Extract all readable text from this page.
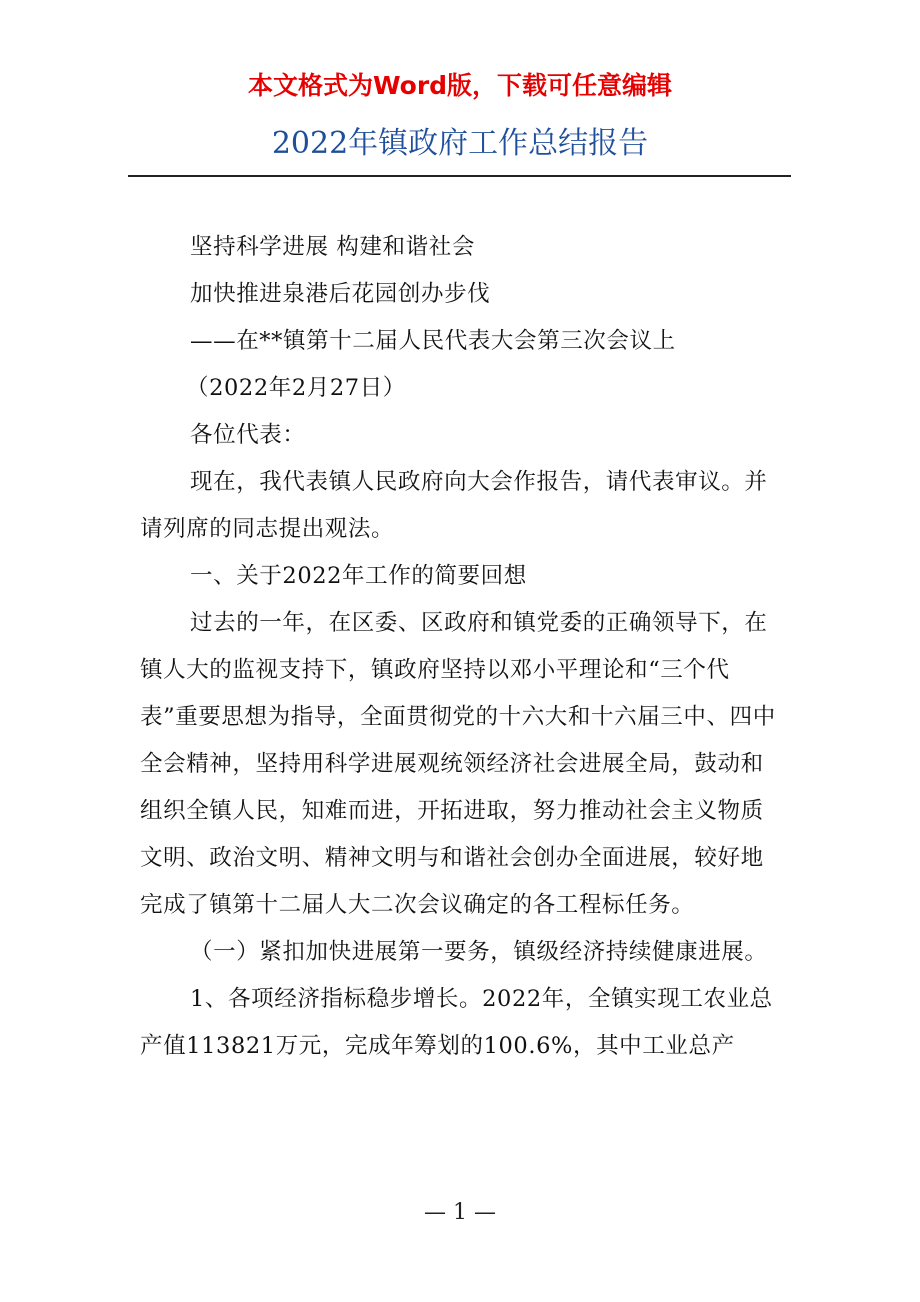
本文格式为Word版，下载可任意编辑
2022年镇政府工作总结报告

坚持科学进展 构建和谐社会

加快推进泉港后花园创办步伐

——在**镇第十二届人民代表大会第三次会议上

（2022年2月27日）

各位代表：

现在，我代表镇人民政府向大会作报告，请代表审议。并请列席的同志提出观法。

一、关于2022年工作的简要回想

过去的一年，在区委、区政府和镇党委的正确领导下，在镇人大的监视支持下，镇政府坚持以邓小平理论和“三个代表”重要思想为指导，全面贯彻党的十六大和十六届三中、四中全会精神，坚持用科学进展观统领经济社会进展全局，鼓动和组织全镇人民，知难而进，开拓进取，努力推动社会主义物质文明、政治文明、精神文明与和谐社会创办全面进展，较好地完成了镇第十二届人大二次会议确定的各工程标任务。

（一）紧扣加快进展第一要务，镇级经济持续健康进展。

1、各项经济指标稳步增长。2022年，全镇实现工农业总产值113821万元，完成年筹划的100.6%，其中工业总产

— 1 —
